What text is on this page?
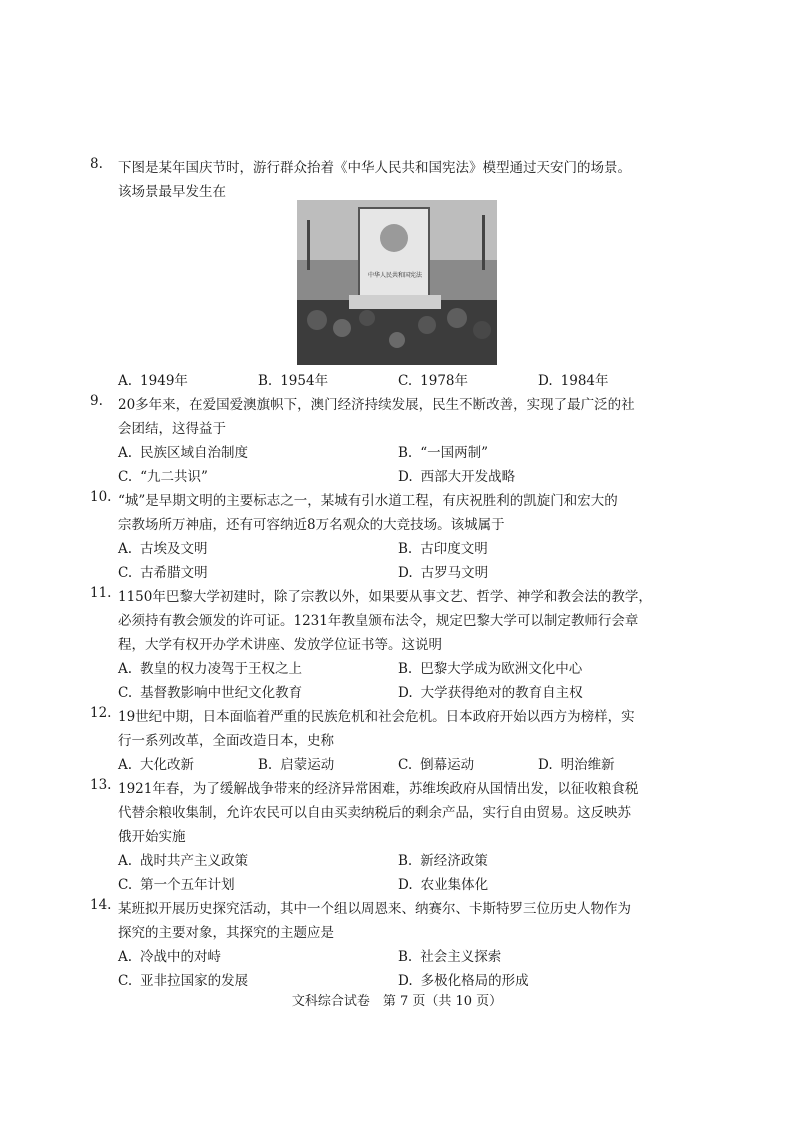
8. 下图是某年国庆节时，游行群众抬着《中华人民共和国宪法》模型通过天安门的场景。
该场景最早发生在
中华人民共和国宪法
A. 1949年	B. 1954年	C. 1978年	D. 1984年
9. 20多年来，在爱国爱澳旗帜下，澳门经济持续发展，民生不断改善，实现了最广泛的社
会团结，这得益于
A. 民族区域自治制度	B. “一国两制”
C. “九二共识”	D. 西部大开发战略
10. “城”是早期文明的主要标志之一，某城有引水道工程，有庆祝胜利的凯旋门和宏大的
宗教场所万神庙，还有可容纳近8万名观众的大竞技场。该城属于
A. 古埃及文明	B. 古印度文明
C. 古希腊文明	D. 古罗马文明
11. 1150年巴黎大学初建时，除了宗教以外，如果要从事文艺、哲学、神学和教会法的教学，
必须持有教会颁发的许可证。1231年教皇颁布法令，规定巴黎大学可以制定教师行会章
程，大学有权开办学术讲座、发放学位证书等。这说明
A. 教皇的权力凌驾于王权之上	B. 巴黎大学成为欧洲文化中心
C. 基督教影响中世纪文化教育	D. 大学获得绝对的教育自主权
12. 19世纪中期，日本面临着严重的民族危机和社会危机。日本政府开始以西方为榜样，实
行一系列改革，全面改造日本，史称
A. 大化改新	B. 启蒙运动	C. 倒幕运动	D. 明治维新
13. 1921年春，为了缓解战争带来的经济异常困难，苏维埃政府从国情出发，以征收粮食税
代替余粮收集制，允许农民可以自由买卖纳税后的剩余产品，实行自由贸易。这反映苏
俄开始实施
A. 战时共产主义政策	B. 新经济政策
C. 第一个五年计划	D. 农业集体化
14. 某班拟开展历史探究活动，其中一个组以周恩来、纳赛尔、卡斯特罗三位历史人物作为
探究的主要对象，其探究的主题应是
A. 冷战中的对峙	B. 社会主义探索
C. 亚非拉国家的发展	D. 多极化格局的形成
文科综合试卷　第 7 页（共 10 页）
